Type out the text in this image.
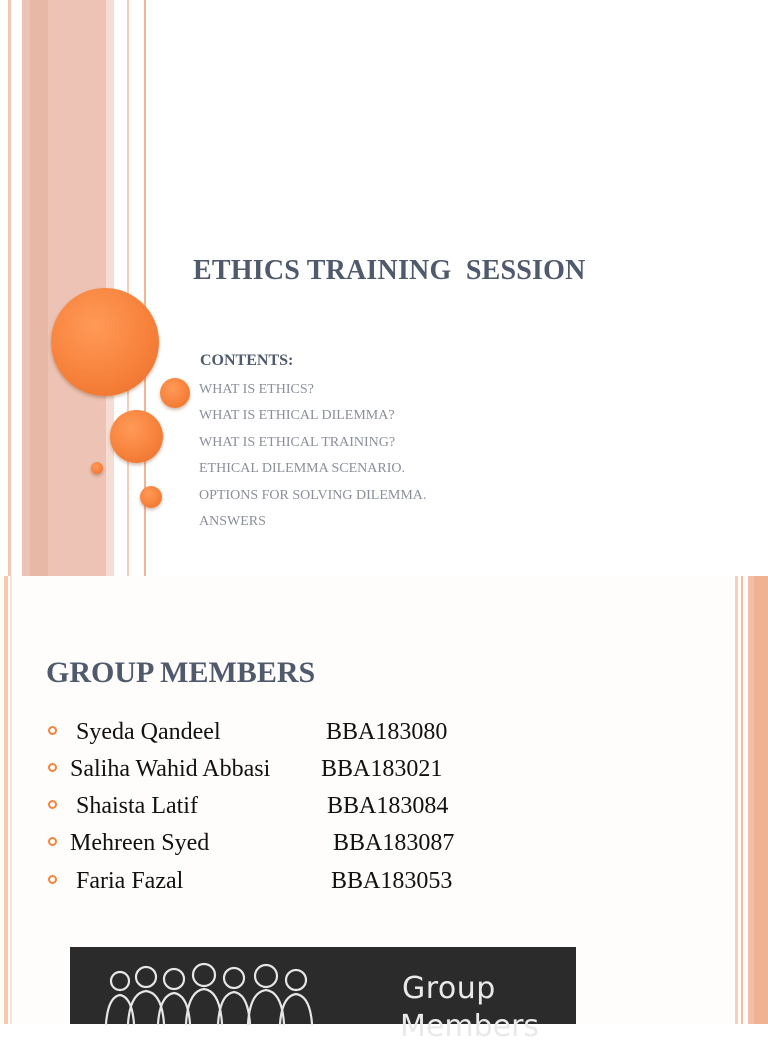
ETHICS TRAINING  SESSION
CONTENTS:
WHAT IS ETHICS?
WHAT IS ETHICAL DILEMMA?
WHAT IS ETHICAL TRAINING?
ETHICAL DILEMMA SCENARIO.
OPTIONS FOR SOLVING DILEMMA.
ANSWERS
GROUP MEMBERS
Syeda Qandeel	BBA183080
Saliha Wahid Abbasi BBA183021
Shaista Latif	BBA183084
Mehreen Syed	BBA183087
Faria Fazal	BBA183053
Group
Members
